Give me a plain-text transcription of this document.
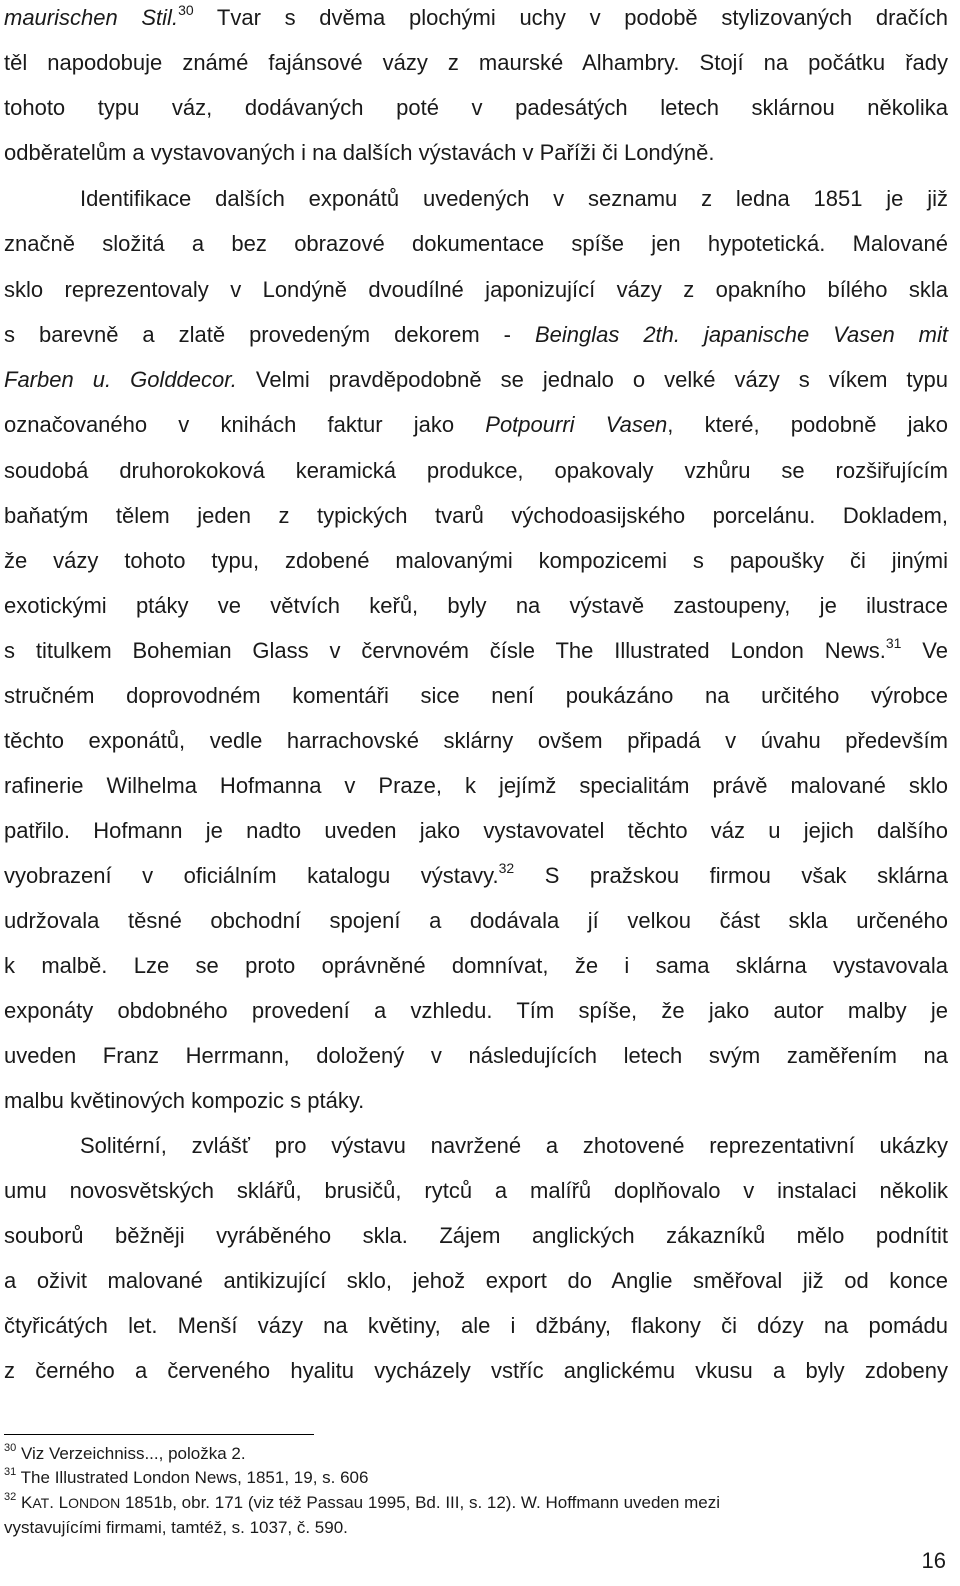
maurischen Stil.$^{30}$ Tvar s dvěma plochými uchy v podobě stylizovaných dračích
těl napodobuje známé fajánsové vázy z maurské Alhambry. Stojí na počátku řady
tohoto typu váz, dodávaných poté v padesátých letech sklárnou několika
odběratelům a vystavovaných i na dalších výstavách v Paříži či Londýně.
Identifikace dalších exponátů uvedených v seznamu z ledna 1851 je již
značně složitá a bez obrazové dokumentace spíše jen hypotetická. Malované
sklo reprezentovaly v Londýně dvoudílné japonizující vázy z opakního bílého skla
s barevně a zlatě provedeným dekorem - Beinglas 2th. japanische Vasen mit
Farben u. Golddecor. Velmi pravděpodobně se jednalo o velké vázy s víkem typu
označovaného v knihách faktur jako Potpourri Vasen, které, podobně jako
soudobá druhorokoková keramická produkce, opakovaly vzhůru se rozšiřujícím
baňatým tělem jeden z typických tvarů východoasijského porcelánu. Dokladem,
že vázy tohoto typu, zdobené malovanými kompozicemi s papoušky či jinými
exotickými ptáky ve větvích keřů, byly na výstavě zastoupeny, je ilustrace
s titulkem Bohemian Glass v červnovém čísle The Illustrated London News.$^{31}$ Ve
stručném doprovodném komentáři sice není poukázáno na určitého výrobce
těchto exponátů, vedle harrachovské sklárny ovšem připadá v úvahu především
rafinerie Wilhelma Hofmanna v Praze, k jejímž specialitám právě malované sklo
patřilo. Hofmann je nadto uveden jako vystavovatel těchto váz u jejich dalšího
vyobrazení v oficiálním katalogu výstavy.$^{32}$ S pražskou firmou však sklárna
udržovala těsné obchodní spojení a dodávala jí velkou část skla určeného
k malbě. Lze se proto oprávněné domnívat, že i sama sklárna vystavovala
exponáty obdobného provedení a vzhledu. Tím spíše, že jako autor malby je
uveden Franz Herrmann, doložený v následujících letech svým zaměřením na
malbu květinových kompozic s ptáky.
Solitérní, zvlášť pro výstavu navržené a zhotovené reprezentativní ukázky
umu novosvětských sklářů, brusičů, rytců a malířů doplňovalo v instalaci několik
souborů běžněji vyráběného skla. Zájem anglických zákazníků mělo podnítit
a oživit malované antikizující sklo, jehož export do Anglie směřoval již od konce
čtyřicátých let. Menší vázy na květiny, ale i džbány, flakony či dózy na pomádu
z černého a červeného hyalitu vycházely vstříc anglickému vkusu a byly zdobeny
$^{30}$ Viz Verzeichniss..., položka 2.
$^{31}$ The Illustrated London News, 1851, 19, s. 606
$^{32}$ KAT. LONDON 1851b, obr. 171 (viz též Passau 1995, Bd. III, s. 12). W. Hoffmann uveden mezi
vystavujícími firmami, tamtéž, s. 1037, č. 590.
16
